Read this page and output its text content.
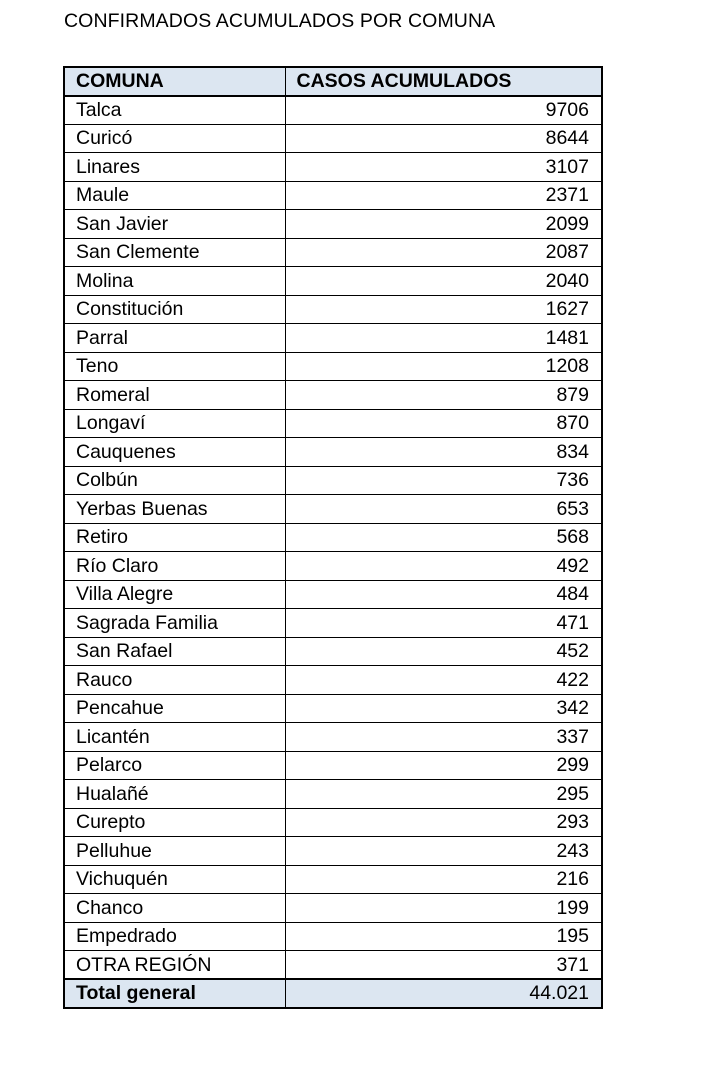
CONFIRMADOS ACUMULADOS POR COMUNA
COMUNA	CASOS ACUMULADOS
Talca	9706
Curicó	8644
Linares	3107
Maule	2371
San Javier	2099
San Clemente	2087
Molina	2040
Constitución	1627
Parral	1481
Teno	1208
Romeral	879
Longaví	870
Cauquenes	834
Colbún	736
Yerbas Buenas	653
Retiro	568
Río Claro	492
Villa Alegre	484
Sagrada Familia	471
San Rafael	452
Rauco	422
Pencahue	342
Licantén	337
Pelarco	299
Hualañé	295
Curepto	293
Pelluhue	243
Vichuquén	216
Chanco	199
Empedrado	195
OTRA REGIÓN	371
Total general	44.021
